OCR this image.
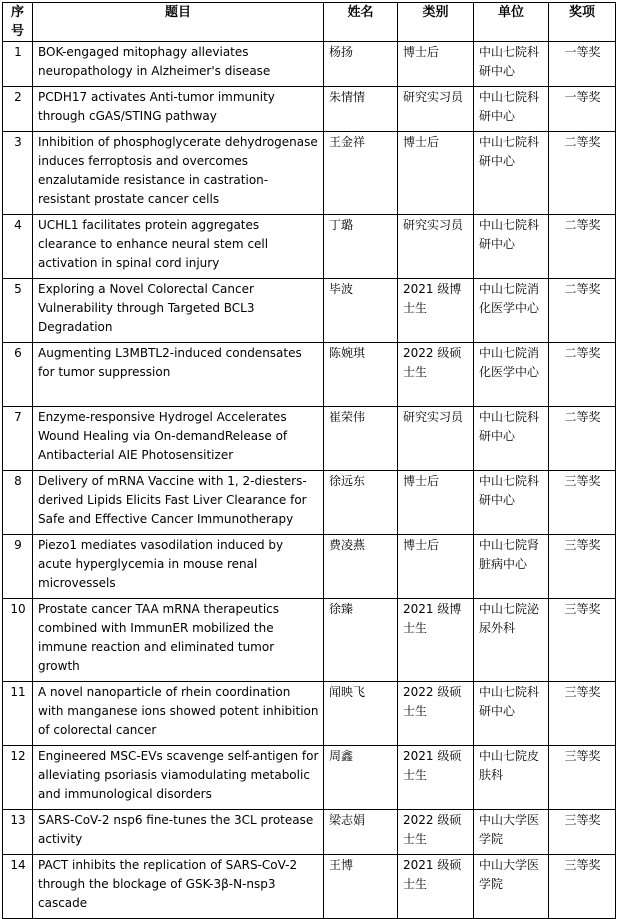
序号	题目	姓名	类别	单位	奖项
1	BOK-engaged mitophagy alleviates neuropathology in Alzheimer's disease	杨扬	博士后	中山七院科研中心	一等奖
2	PCDH17 activates Anti-tumor immunity through cGAS/STING pathway	朱情情	研究实习员	中山七院科研中心	一等奖
3	Inhibition of phosphoglycerate dehydrogenase induces ferroptosis and overcomes enzalutamide resistance in castration-resistant prostate cancer cells	王金祥	博士后	中山七院科研中心	二等奖
4	UCHL1 facilitates protein aggregates clearance to enhance neural stem cell activation in spinal cord injury	丁璐	研究实习员	中山七院科研中心	二等奖
5	Exploring a Novel Colorectal Cancer Vulnerability through Targeted BCL3 Degradation	毕波	2021 级博士生	中山七院消化医学中心	二等奖
6	Augmenting L3MBTL2-induced condensates for tumor suppression	陈婉琪	2022 级硕士生	中山七院消化医学中心	二等奖
7	Enzyme-responsive Hydrogel Accelerates Wound Healing via On-demandRelease of Antibacterial AIE Photosensitizer	崔荣伟	研究实习员	中山七院科研中心	二等奖
8	Delivery of mRNA Vaccine with 1, 2-diesters-derived Lipids Elicits Fast Liver Clearance for Safe and Effective Cancer Immunotherapy	徐远东	博士后	中山七院科研中心	三等奖
9	Piezo1 mediates vasodilation induced by acute hyperglycemia in mouse renal microvessels	费凌燕	博士后	中山七院肾脏病中心	三等奖
10	Prostate cancer TAA mRNA therapeutics combined with ImmunER mobilized the immune reaction and eliminated tumor growth	徐臻	2021 级博士生	中山七院泌尿外科	三等奖
11	A novel nanoparticle of rhein coordination with manganese ions showed potent inhibition of colorectal cancer	闻映飞	2022 级硕士生	中山七院科研中心	三等奖
12	Engineered MSC-EVs scavenge self-antigen for alleviating psoriasis viamodulating metabolic and immunological disorders	周鑫	2021 级硕士生	中山七院皮肤科	三等奖
13	SARS-CoV-2 nsp6 fine-tunes the 3CL protease activity	梁志娟	2022 级硕士生	中山大学医学院	三等奖
14	PACT inhibits the replication of SARS-CoV-2 through the blockage of GSK-3β-N-nsp3 cascade	王博	2021 级硕士生	中山大学医学院	三等奖
